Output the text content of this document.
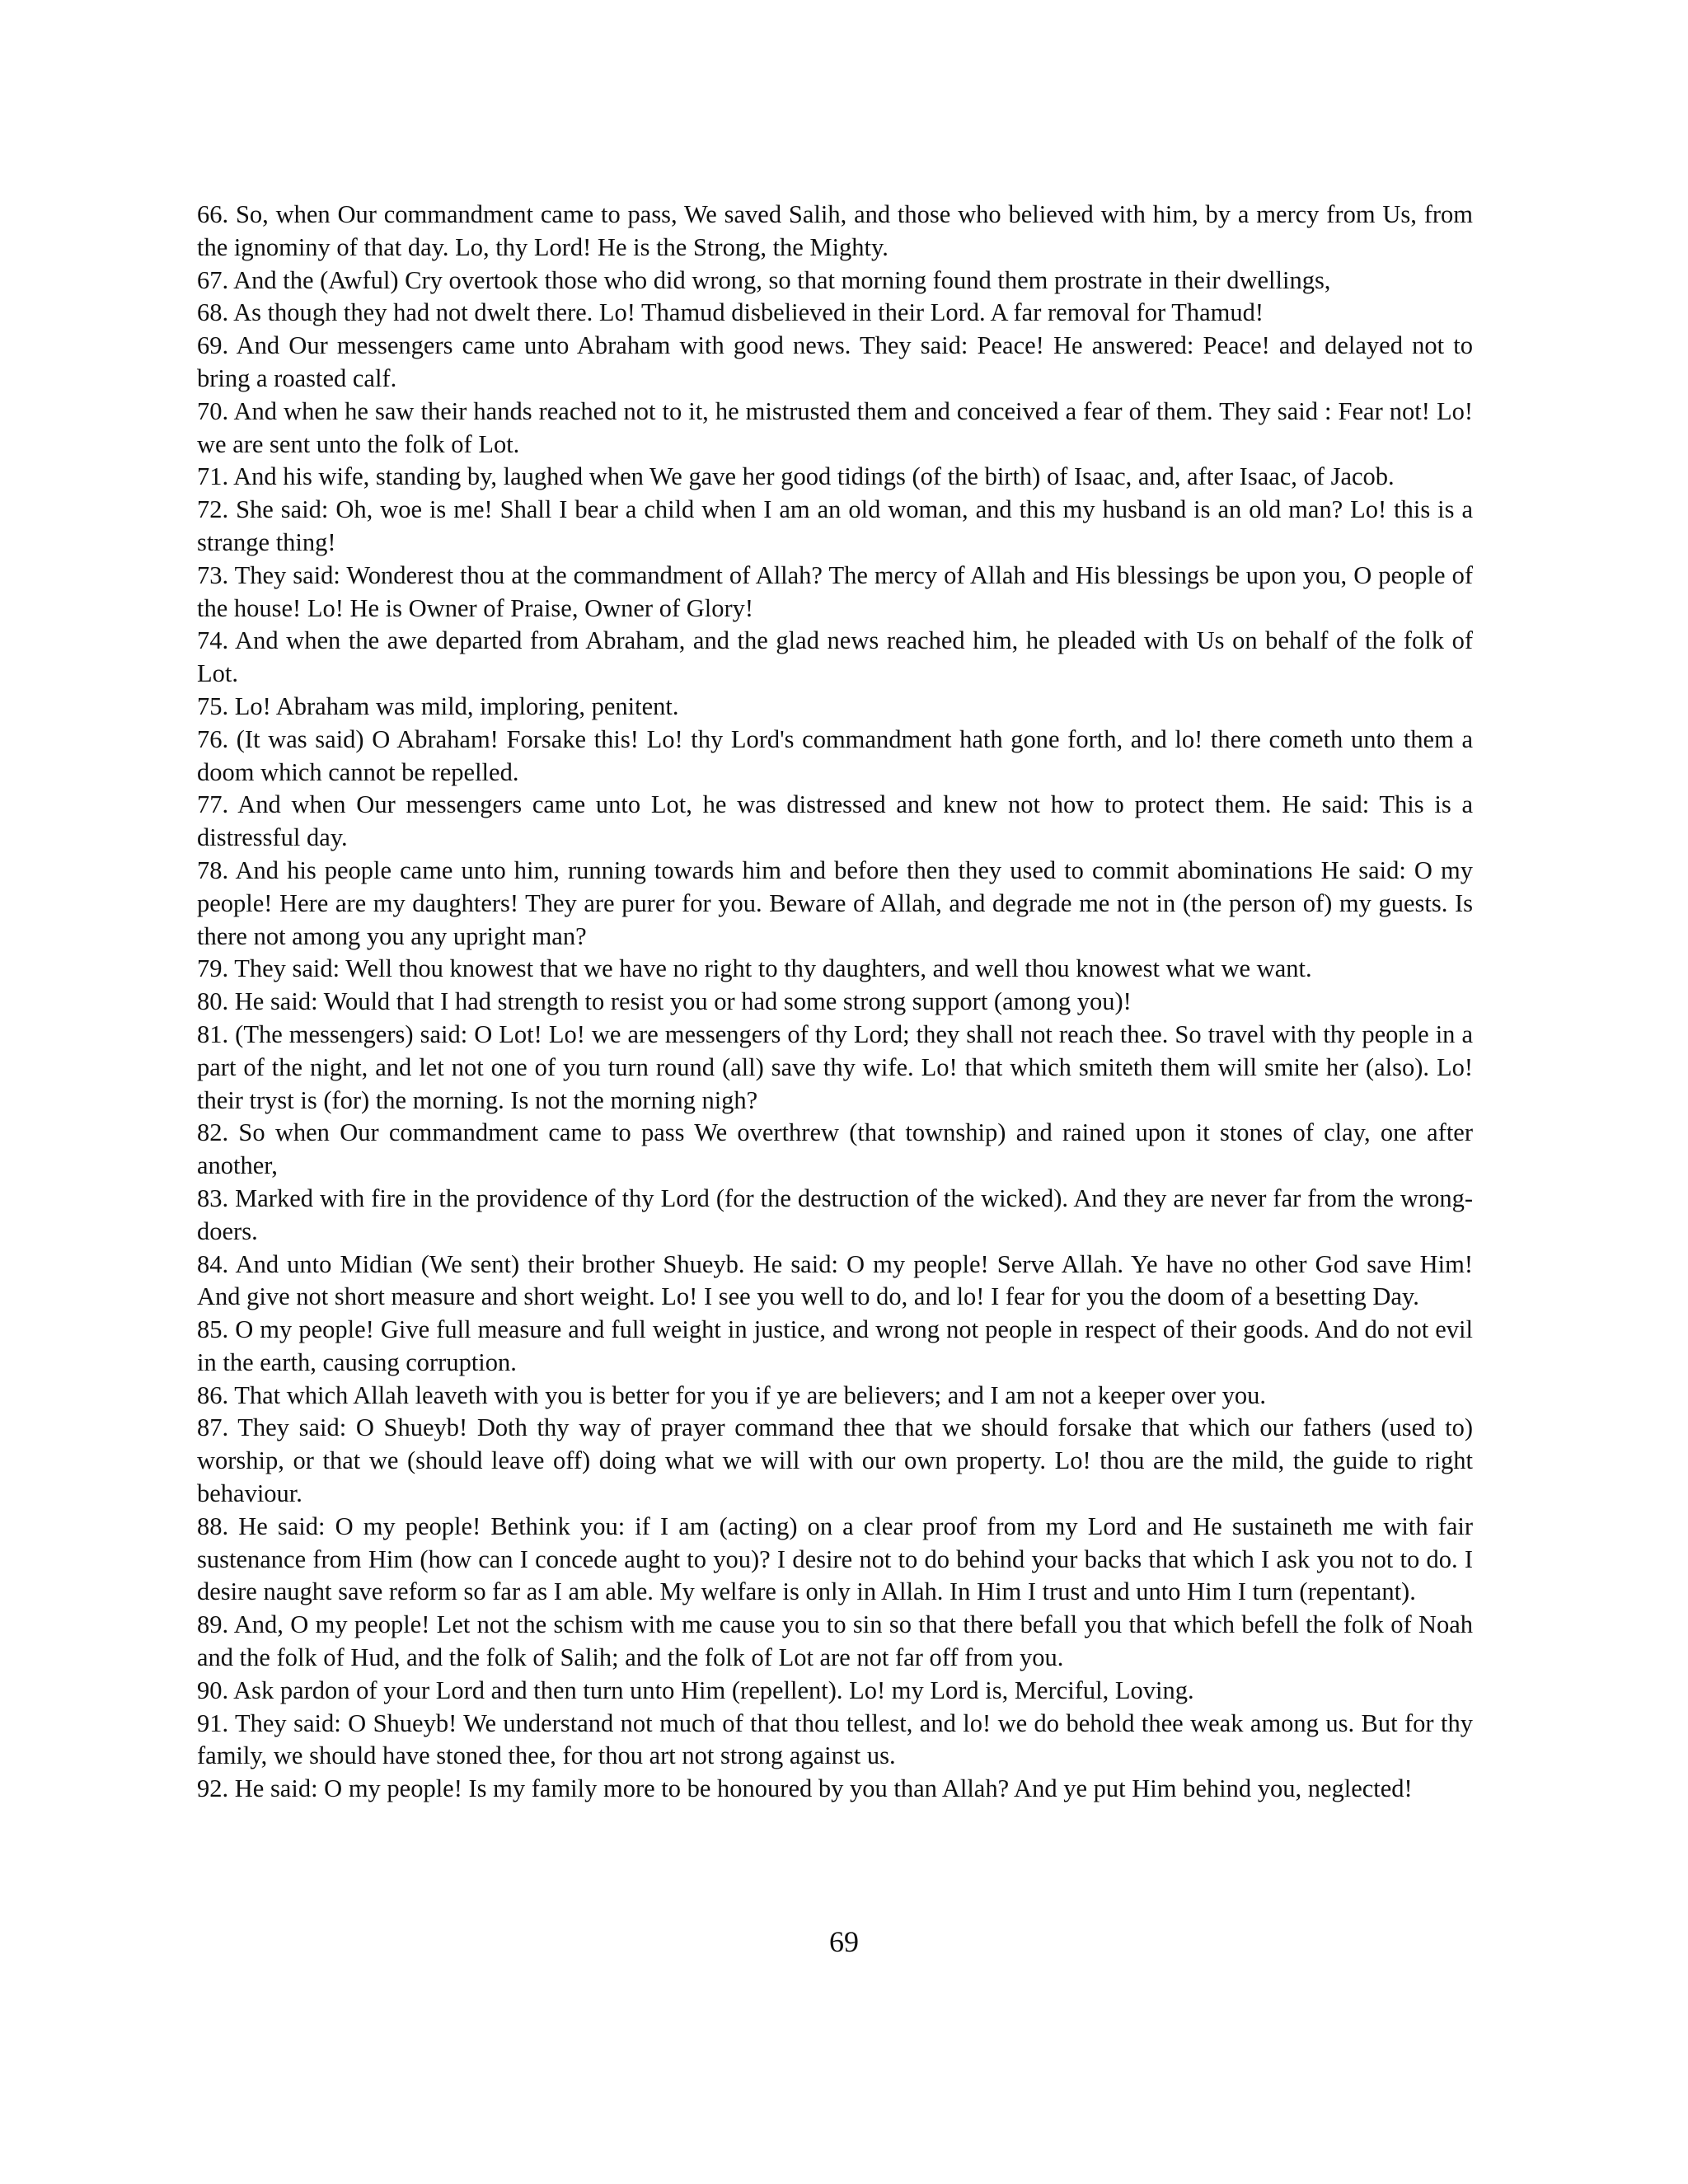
66. So, when Our commandment came to pass, We saved Salih, and those who believed with him, by a mercy from Us, from the ignominy of that day. Lo, thy Lord! He is the Strong, the Mighty.
67. And the (Awful) Cry overtook those who did wrong, so that morning found them prostrate in their dwellings,
68. As though they had not dwelt there. Lo! Thamud disbelieved in their Lord. A far removal for Thamud!
69. And Our messengers came unto Abraham with good news. They said: Peace! He answered: Peace! and delayed not to bring a roasted calf.
70. And when he saw their hands reached not to it, he mistrusted them and conceived a fear of them. They said : Fear not! Lo! we are sent unto the folk of Lot.
71. And his wife, standing by, laughed when We gave her good tidings (of the birth) of Isaac, and, after Isaac, of Jacob.
72. She said: Oh, woe is me! Shall I bear a child when I am an old woman, and this my husband is an old man? Lo! this is a strange thing!
73. They said: Wonderest thou at the commandment of Allah? The mercy of Allah and His blessings be upon you, O people of the house! Lo! He is Owner of Praise, Owner of Glory!
74. And when the awe departed from Abraham, and the glad news reached him, he pleaded with Us on behalf of the folk of Lot.
75. Lo! Abraham was mild, imploring, penitent.
76. (It was said) O Abraham! Forsake this! Lo! thy Lord's commandment hath gone forth, and lo! there cometh unto them a doom which cannot be repelled.
77. And when Our messengers came unto Lot, he was distressed and knew not how to protect them. He said: This is a distressful day.
78. And his people came unto him, running towards him and before then they used to commit abominations He said: O my people! Here are my daughters! They are purer for you. Beware of Allah, and degrade me not in (the person of) my guests. Is there not among you any upright man?
79. They said: Well thou knowest that we have no right to thy daughters, and well thou knowest what we want.
80. He said: Would that I had strength to resist you or had some strong support (among you)!
81. (The messengers) said: O Lot! Lo! we are messengers of thy Lord; they shall not reach thee. So travel with thy people in a part of the night, and let not one of you turn round (all) save thy wife. Lo! that which smiteth them will smite her (also). Lo! their tryst is (for) the morning. Is not the morning nigh?
82. So when Our commandment came to pass We overthrew (that township) and rained upon it stones of clay, one after another,
83. Marked with fire in the providence of thy Lord (for the destruction of the wicked). And they are never far from the wrong-doers.
84. And unto Midian (We sent) their brother Shueyb. He said: O my people! Serve Allah. Ye have no other God save Him! And give not short measure and short weight. Lo! I see you well to do, and lo! I fear for you the doom of a besetting Day.
85. O my people! Give full measure and full weight in justice, and wrong not people in respect of their goods. And do not evil in the earth, causing corruption.
86. That which Allah leaveth with you is better for you if ye are believers; and I am not a keeper over you.
87. They said: O Shueyb! Doth thy way of prayer command thee that we should forsake that which our fathers (used to) worship, or that we (should leave off) doing what we will with our own property. Lo! thou are the mild, the guide to right behaviour.
88. He said: O my people! Bethink you: if I am (acting) on a clear proof from my Lord and He sustaineth me with fair sustenance from Him (how can I concede aught to you)? I desire not to do behind your backs that which I ask you not to do. I desire naught save reform so far as I am able. My welfare is only in Allah. In Him I trust and unto Him I turn (repentant).
89. And, O my people! Let not the schism with me cause you to sin so that there befall you that which befell the folk of Noah and the folk of Hud, and the folk of Salih; and the folk of Lot are not far off from you.
90. Ask pardon of your Lord and then turn unto Him (repellent). Lo! my Lord is, Merciful, Loving.
91. They said: O Shueyb! We understand not much of that thou tellest, and lo! we do behold thee weak among us. But for thy family, we should have stoned thee, for thou art not strong against us.
92. He said: O my people! Is my family more to be honoured by you than Allah? And ye put Him behind you, neglected!
69
